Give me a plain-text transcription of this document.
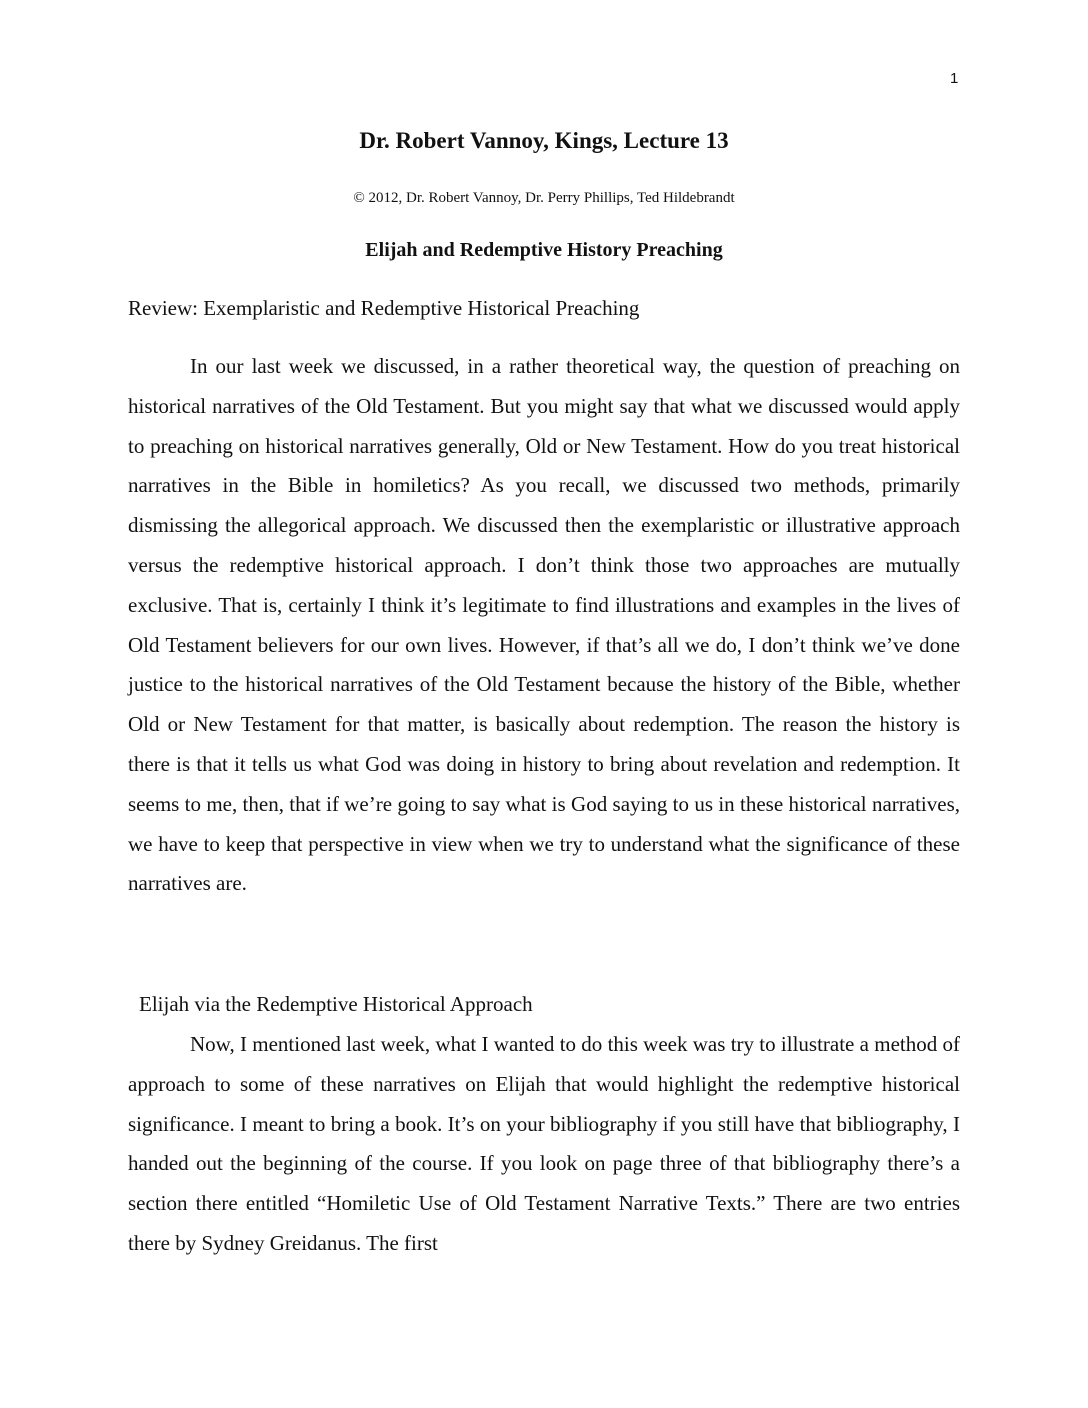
1
Dr. Robert Vannoy, Kings, Lecture 13
© 2012, Dr. Robert Vannoy, Dr. Perry Phillips, Ted Hildebrandt
Elijah and Redemptive History Preaching
Review: Exemplaristic and Redemptive Historical Preaching

In our last week we discussed, in a rather theoretical way, the question of preaching on historical narratives of the Old Testament. But you might say that what we discussed would apply to preaching on historical narratives generally, Old or New Testament. How do you treat historical narratives in the Bible in homiletics? As you recall, we discussed two methods, primarily dismissing the allegorical approach. We discussed then the exemplaristic or illustrative approach versus the redemptive historical approach. I don’t think those two approaches are mutually exclusive. That is, certainly I think it’s legitimate to find illustrations and examples in the lives of Old Testament believers for our own lives. However, if that’s all we do, I don’t think we’ve done justice to the historical narratives of the Old Testament because the history of the Bible, whether Old or New Testament for that matter, is basically about redemption. The reason the history is there is that it tells us what God was doing in history to bring about revelation and redemption. It seems to me, then, that if we’re going to say what is God saying to us in these historical narratives, we have to keep that perspective in view when we try to understand what the significance of these narratives are.

Elijah via the Redemptive Historical Approach

Now, I mentioned last week, what I wanted to do this week was try to illustrate a method of approach to some of these narratives on Elijah that would highlight the redemptive historical significance. I meant to bring a book. It’s on your bibliography if you still have that bibliography, I handed out the beginning of the course. If you look on page three of that bibliography there’s a section there entitled “Homiletic Use of Old Testament Narrative Texts.” There are two entries there by Sydney Greidanus. The first
